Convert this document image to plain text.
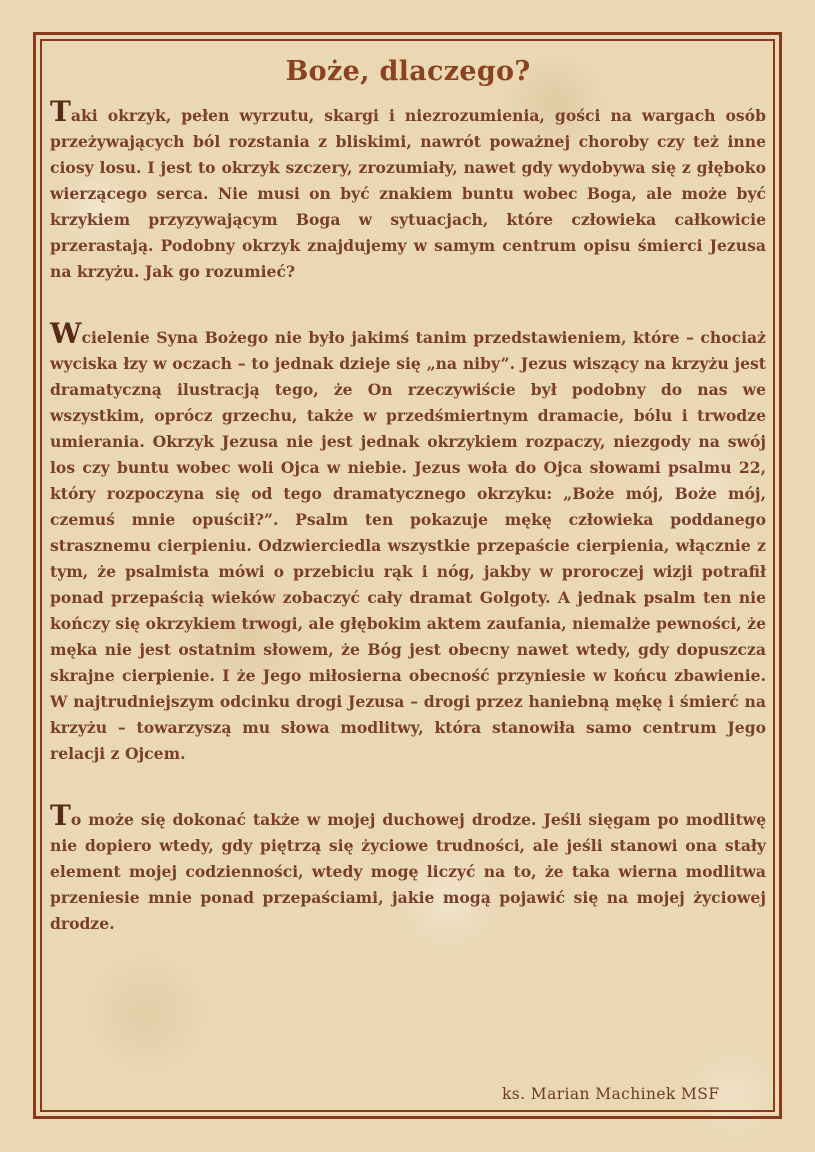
Boże, dlaczego?

Taki okrzyk, pełen wyrzutu, skargi i niezrozumienia, gości na wargach osób przeżywających ból rozstania z bliskimi, nawrót poważnej choroby czy też inne ciosy losu. I jest to okrzyk szczery, zrozumiały, nawet gdy wydobywa się z głęboko wierzącego serca. Nie musi on być znakiem buntu wobec Boga, ale może być krzykiem przyzywającym Boga w sytuacjach, które człowieka całkowicie przerastają. Podobny okrzyk znajdujemy w samym centrum opisu śmierci Jezusa na krzyżu. Jak go rozumieć?

Wcielenie Syna Bożego nie było jakimś tanim przedstawieniem, które – chociaż wyciska łzy w oczach – to jednak dzieje się „na niby”. Jezus wiszący na krzyżu jest dramatyczną ilustracją tego, że On rzeczywiście był podobny do nas we wszystkim, oprócz grzechu, także w przedśmiertnym dramacie, bólu i trwodze umierania. Okrzyk Jezusa nie jest jednak okrzykiem rozpaczy, niezgody na swój los czy buntu wobec woli Ojca w niebie. Jezus woła do Ojca słowami psalmu 22, który rozpoczyna się od tego dramatycznego okrzyku: „Boże mój, Boże mój, czemuś mnie opuścił?”. Psalm ten pokazuje mękę człowieka poddanego strasznemu cierpieniu. Odzwierciedla wszystkie przepaście cierpienia, włącznie z tym, że psalmista mówi o przebiciu rąk i nóg, jakby w proroczej wizji potrafił ponad przepaścią wieków zobaczyć cały dramat Golgoty. A jednak psalm ten nie kończy się okrzykiem trwogi, ale głębokim aktem zaufania, niemalże pewności, że męka nie jest ostatnim słowem, że Bóg jest obecny nawet wtedy, gdy dopuszcza skrajne cierpienie. I że Jego miłosierna obecność przyniesie w końcu zbawienie. W najtrudniejszym odcinku drogi Jezusa – drogi przez haniebną mękę i śmierć na krzyżu – towarzyszą mu słowa modlitwy, która stanowiła samo centrum Jego relacji z Ojcem.

To może się dokonać także w mojej duchowej drodze. Jeśli sięgam po modlitwę nie dopiero wtedy, gdy piętrzą się życiowe trudności, ale jeśli stanowi ona stały element mojej codzienności, wtedy mogę liczyć na to, że taka wierna modlitwa przeniesie mnie ponad przepaściami, jakie mogą pojawić się na mojej życiowej drodze.

ks. Marian Machinek MSF
